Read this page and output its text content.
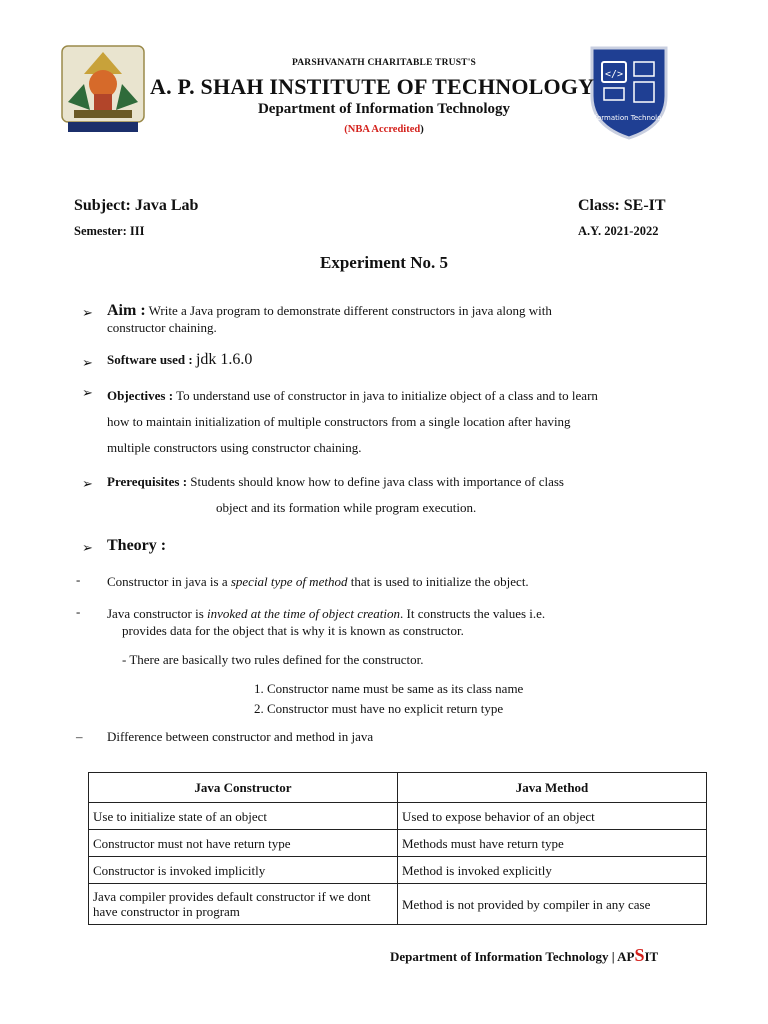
</>
Information Technology
PARSHVANATH CHARITABLE TRUST'S
A. P. SHAH INSTITUTE OF TECHNOLOGY
Department of Information Technology
(NBA Accredited)
Subject: Java Lab	Class: SE-IT
Semester: III	A.Y. 2021-2022
Experiment No. 5
➢ Aim : Write a Java program to demonstrate different constructors in java along with
constructor chaining.
➢ Software used : jdk 1.6.0
➢ Objectives : To understand use of constructor in java to initialize object of a class and to learn
how to maintain initialization of multiple constructors from a single location after having
multiple constructors using constructor chaining.
➢ Prerequisites : Students should know how to define java class with importance of class
object and its formation while program execution.
➢ Theory :
- Constructor in java is a special type of method that is used to initialize the object.
- Java constructor is invoked at the time of object creation. It constructs the values i.e.
provides data for the object that is why it is known as constructor.
- There are basically two rules defined for the constructor.
1. Constructor name must be same as its class name
2. Constructor must have no explicit return type
– Difference between constructor and method in java
Java Constructor	Java Method
Use to initialize state of an object	Used to expose behavior of an object
Constructor must not have return type	Methods must have return type
Constructor is invoked implicitly	Method is invoked explicitly
Java compiler provides default constructor if we dont have constructor in program	Method is not provided by compiler in any case
Department of Information Technology | APSIT
